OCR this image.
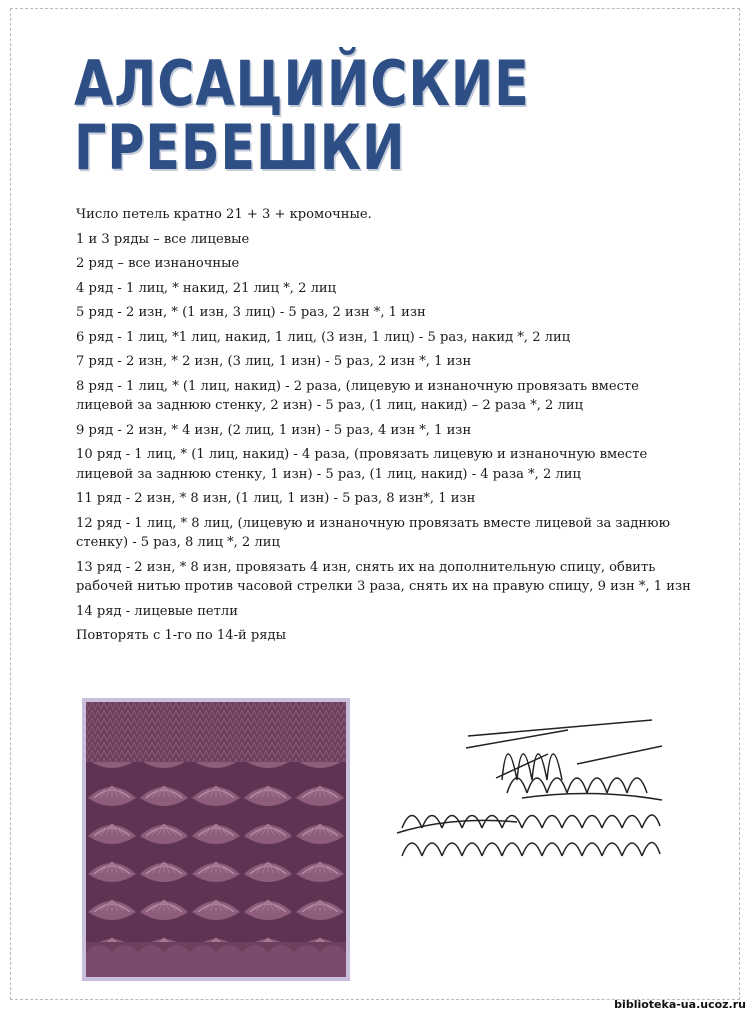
АЛСАЦИЙСКИЕ
ГРЕБЕШКИ

Число петель кратно 21 + 3 + кромочные.

1 и 3 ряды – все лицевые

2 ряд – все изнаночные

4 ряд - 1 лиц, * накид, 21 лиц *, 2 лиц

5 ряд - 2 изн, * (1 изн, 3 лиц) - 5 раз, 2 изн *, 1 изн

6 ряд - 1 лиц, *1 лиц, накид, 1 лиц, (3 изн, 1 лиц) - 5 раз, накид *, 2 лиц

7 ряд - 2 изн, * 2 изн, (3 лиц, 1 изн) - 5 раз, 2 изн *, 1 изн

8 ряд - 1 лиц, * (1 лиц, накид) - 2 раза, (лицевую и изнаночную провязать вместе лицевой за заднюю стенку, 2 изн) - 5 раз, (1 лиц, накид) – 2 раза *, 2 лиц

9 ряд - 2 изн, * 4 изн, (2 лиц, 1 изн) - 5 раз, 4 изн *, 1 изн

10 ряд - 1 лиц, * (1 лиц, накид) - 4 раза, (провязать лицевую и изнаночную вместе лицевой за заднюю стенку, 1 изн) - 5 раз, (1 лиц, накид) - 4 раза *, 2 лиц

11 ряд - 2 изн, * 8 изн, (1 лиц, 1 изн) - 5 раз, 8 изн*, 1 изн

12 ряд - 1 лиц, * 8 лиц, (лицевую и изнаночную провязать вместе лицевой за заднюю стенку) - 5 раз, 8 лиц *, 2 лиц

13 ряд - 2 изн, * 8 изн, провязать 4 изн, снять их на дополнительную спицу, обвить рабочей нитью против часовой стрелки 3 раза, снять их на правую спицу, 9 изн *, 1 изн

14 ряд - лицевые петли

Повторять с 1-го по 14-й ряды

biblioteka-ua.ucoz.ru
